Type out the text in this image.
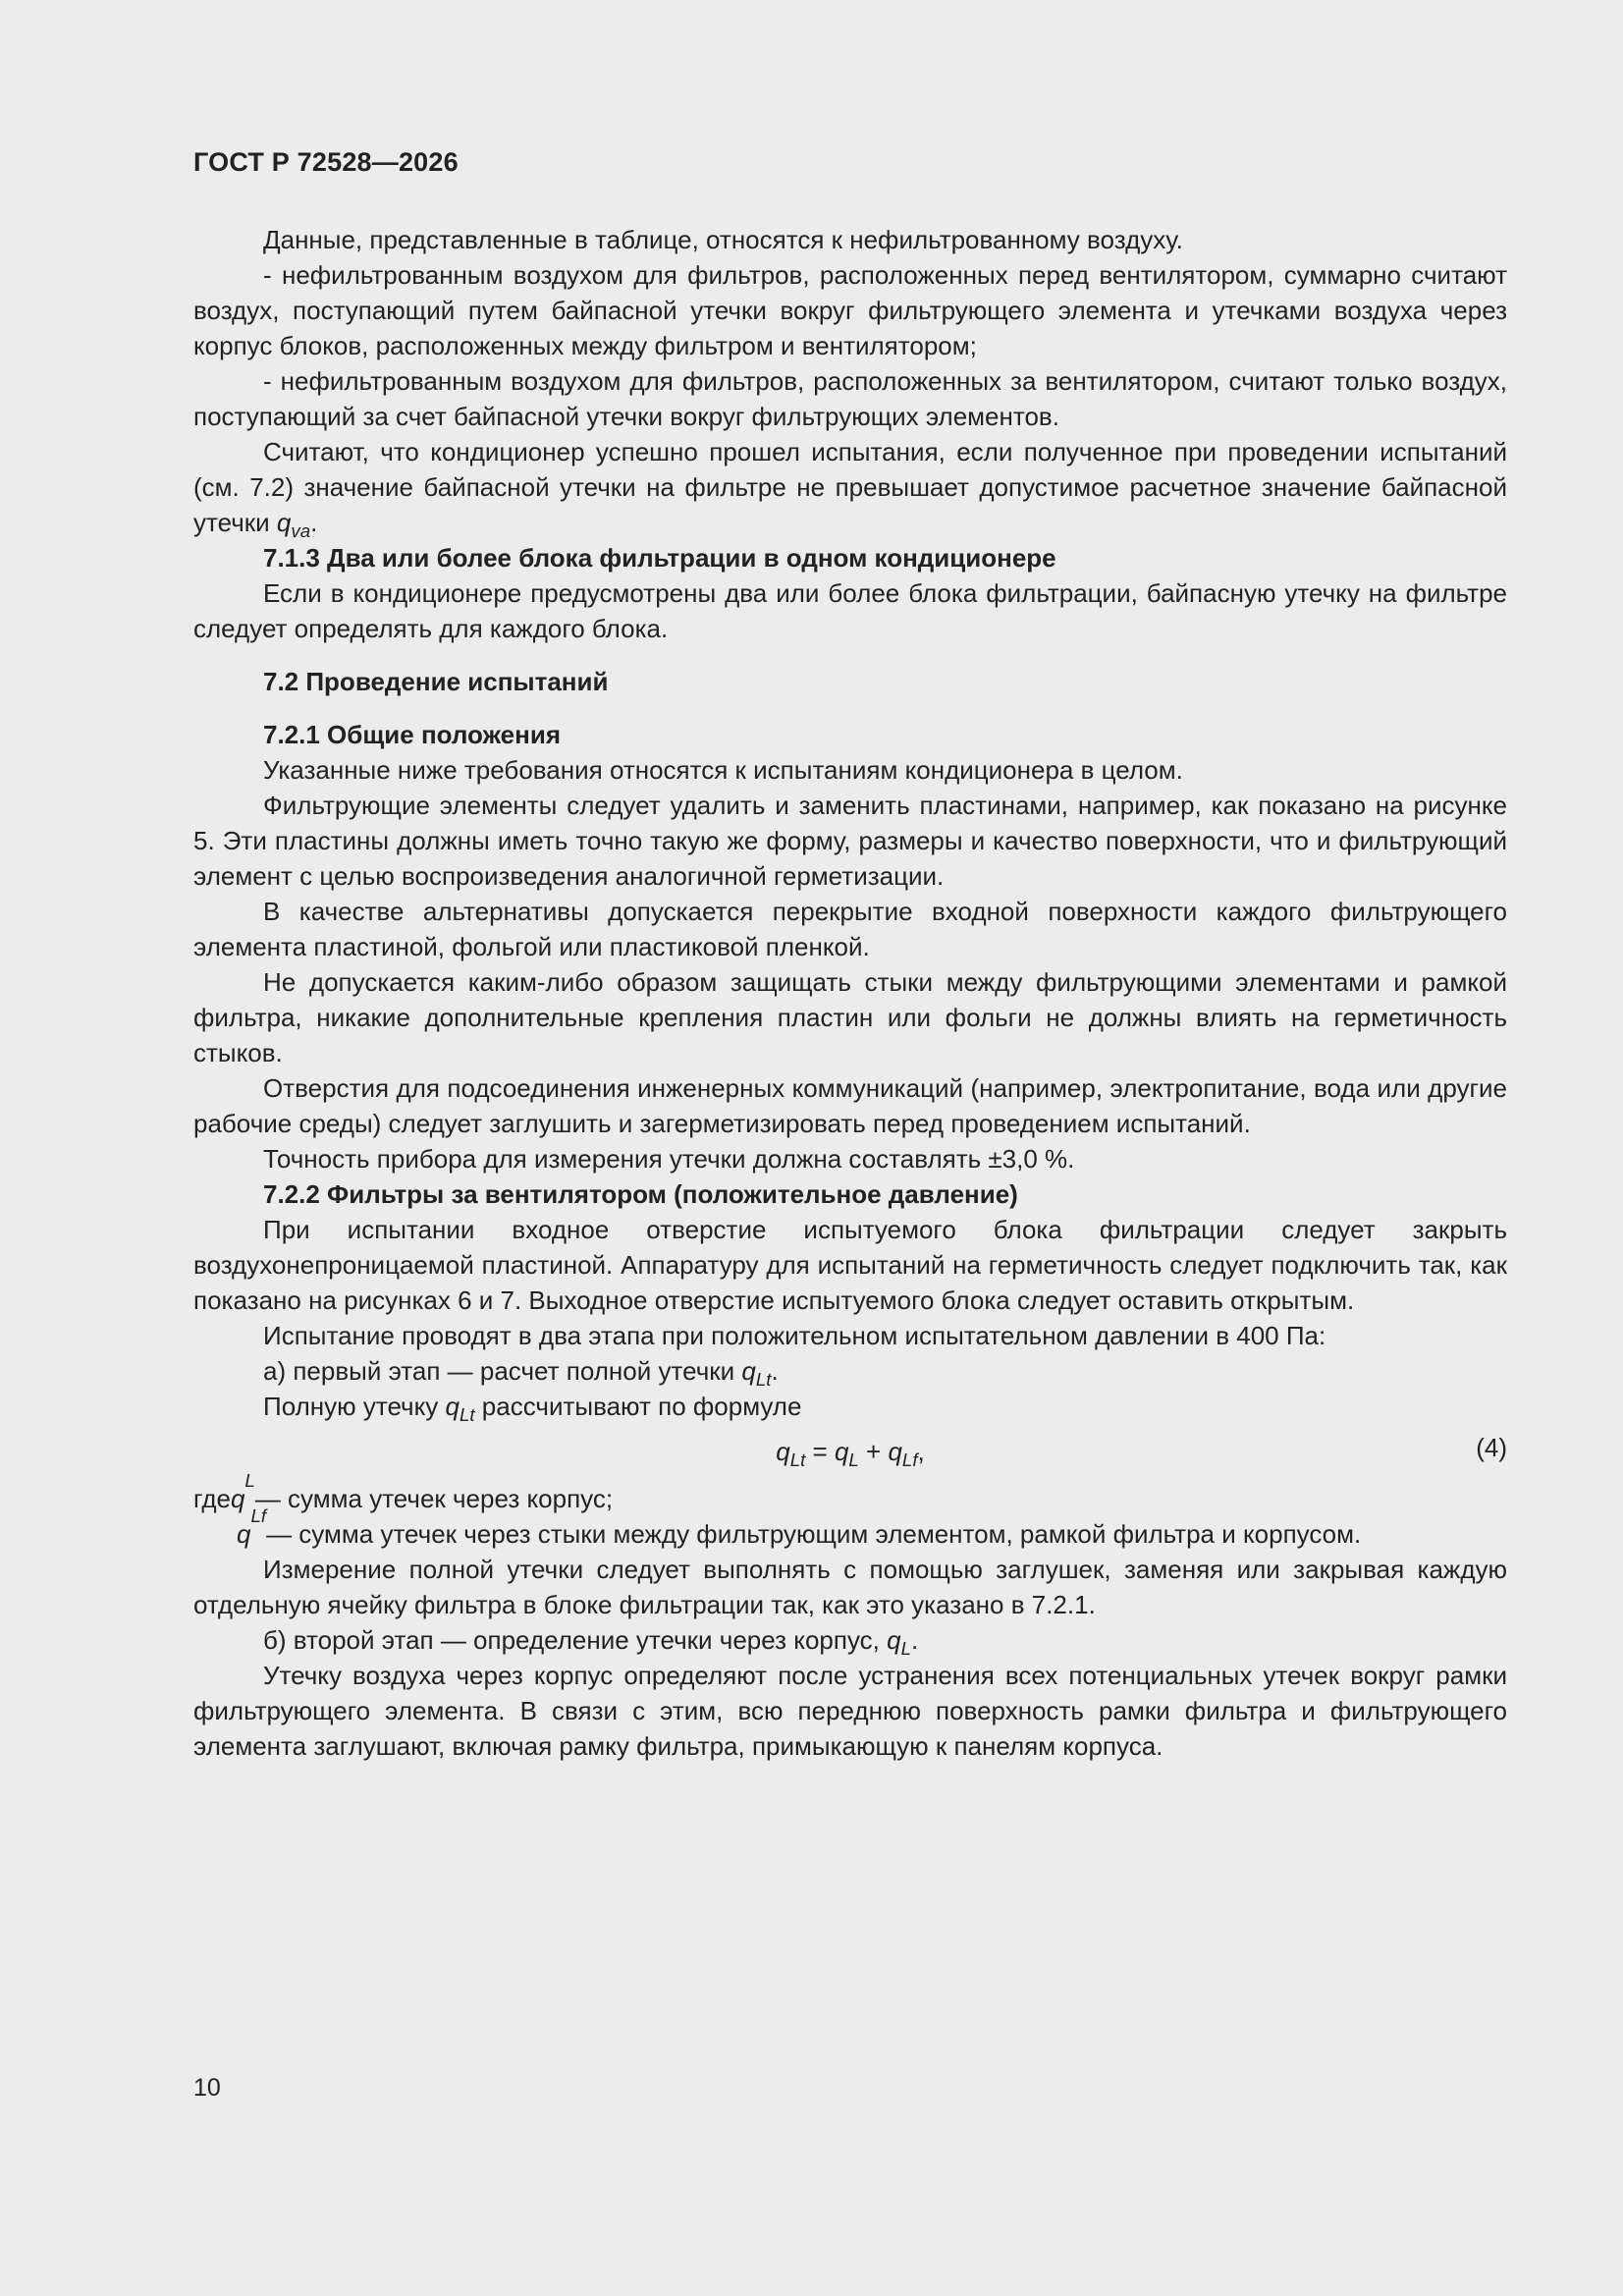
ГОСТ Р 72528—2026

Данные, представленные в таблице, относятся к нефильтрованному воздуху.

- нефильтрованным воздухом для фильтров, расположенных перед вентилятором, суммарно считают воздух, поступающий путем байпасной утечки вокруг фильтрующего элемента и утечками воздуха через корпус блоков, расположенных между фильтром и вентилятором;

- нефильтрованным воздухом для фильтров, расположенных за вентилятором, считают только воздух, поступающий за счет байпасной утечки вокруг фильтрующих элементов.

Считают, что кондиционер успешно прошел испытания, если полученное при проведении испытаний (см. 7.2) значение байпасной утечки на фильтре не превышает допустимое расчетное значение байпасной утечки $q_{va}$.

7.1.3 Два или более блока фильтрации в одном кондиционере

Если в кондиционере предусмотрены два или более блока фильтрации, байпасную утечку на фильтре следует определять для каждого блока.

7.2 Проведение испытаний

7.2.1 Общие положения

Указанные ниже требования относятся к испытаниям кондиционера в целом.

Фильтрующие элементы следует удалить и заменить пластинами, например, как показано на рисунке 5. Эти пластины должны иметь точно такую же форму, размеры и качество поверхности, что и фильтрующий элемент с целью воспроизведения аналогичной герметизации.

В качестве альтернативы допускается перекрытие входной поверхности каждого фильтрующего элемента пластиной, фольгой или пластиковой пленкой.

Не допускается каким-либо образом защищать стыки между фильтрующими элементами и рамкой фильтра, никакие дополнительные крепления пластин или фольги не должны влиять на герметичность стыков.

Отверстия для подсоединения инженерных коммуникаций (например, электропитание, вода или другие рабочие среды) следует заглушить и загерметизировать перед проведением испытаний.

Точность прибора для измерения утечки должна составлять ±3,0 %.

7.2.2 Фильтры за вентилятором (положительное давление)

При испытании входное отверстие испытуемого блока фильтрации следует закрыть воздухонепроницаемой пластиной. Аппаратуру для испытаний на герметичность следует подключить так, как показано на рисунках 6 и 7. Выходное отверстие испытуемого блока следует оставить открытым.

Испытание проводят в два этапа при положительном испытательном давлении в 400 Па:

а) первый этап — расчет полной утечки $q_{Lt}$.

Полную утечку $q_{Lt}$ рассчитывают по формуле

$q_{Lt} = q_L + q_{Lf}$,	(4)
где q
L
— сумма утечек через корпус;
q
Lf
— сумма утечек через стыки между фильтрующим элементом, рамкой фильтра и корпусом.

Измерение полной утечки следует выполнять с помощью заглушек, заменяя или закрывая каждую отдельную ячейку фильтра в блоке фильтрации так, как это указано в 7.2.1.

б) второй этап — определение утечки через корпус, $q_L$.

Утечку воздуха через корпус определяют после устранения всех потенциальных утечек вокруг рамки фильтрующего элемента. В связи с этим, всю переднюю поверхность рамки фильтра и фильтрующего элемента заглушают, включая рамку фильтра, примыкающую к панелям корпуса.

10
